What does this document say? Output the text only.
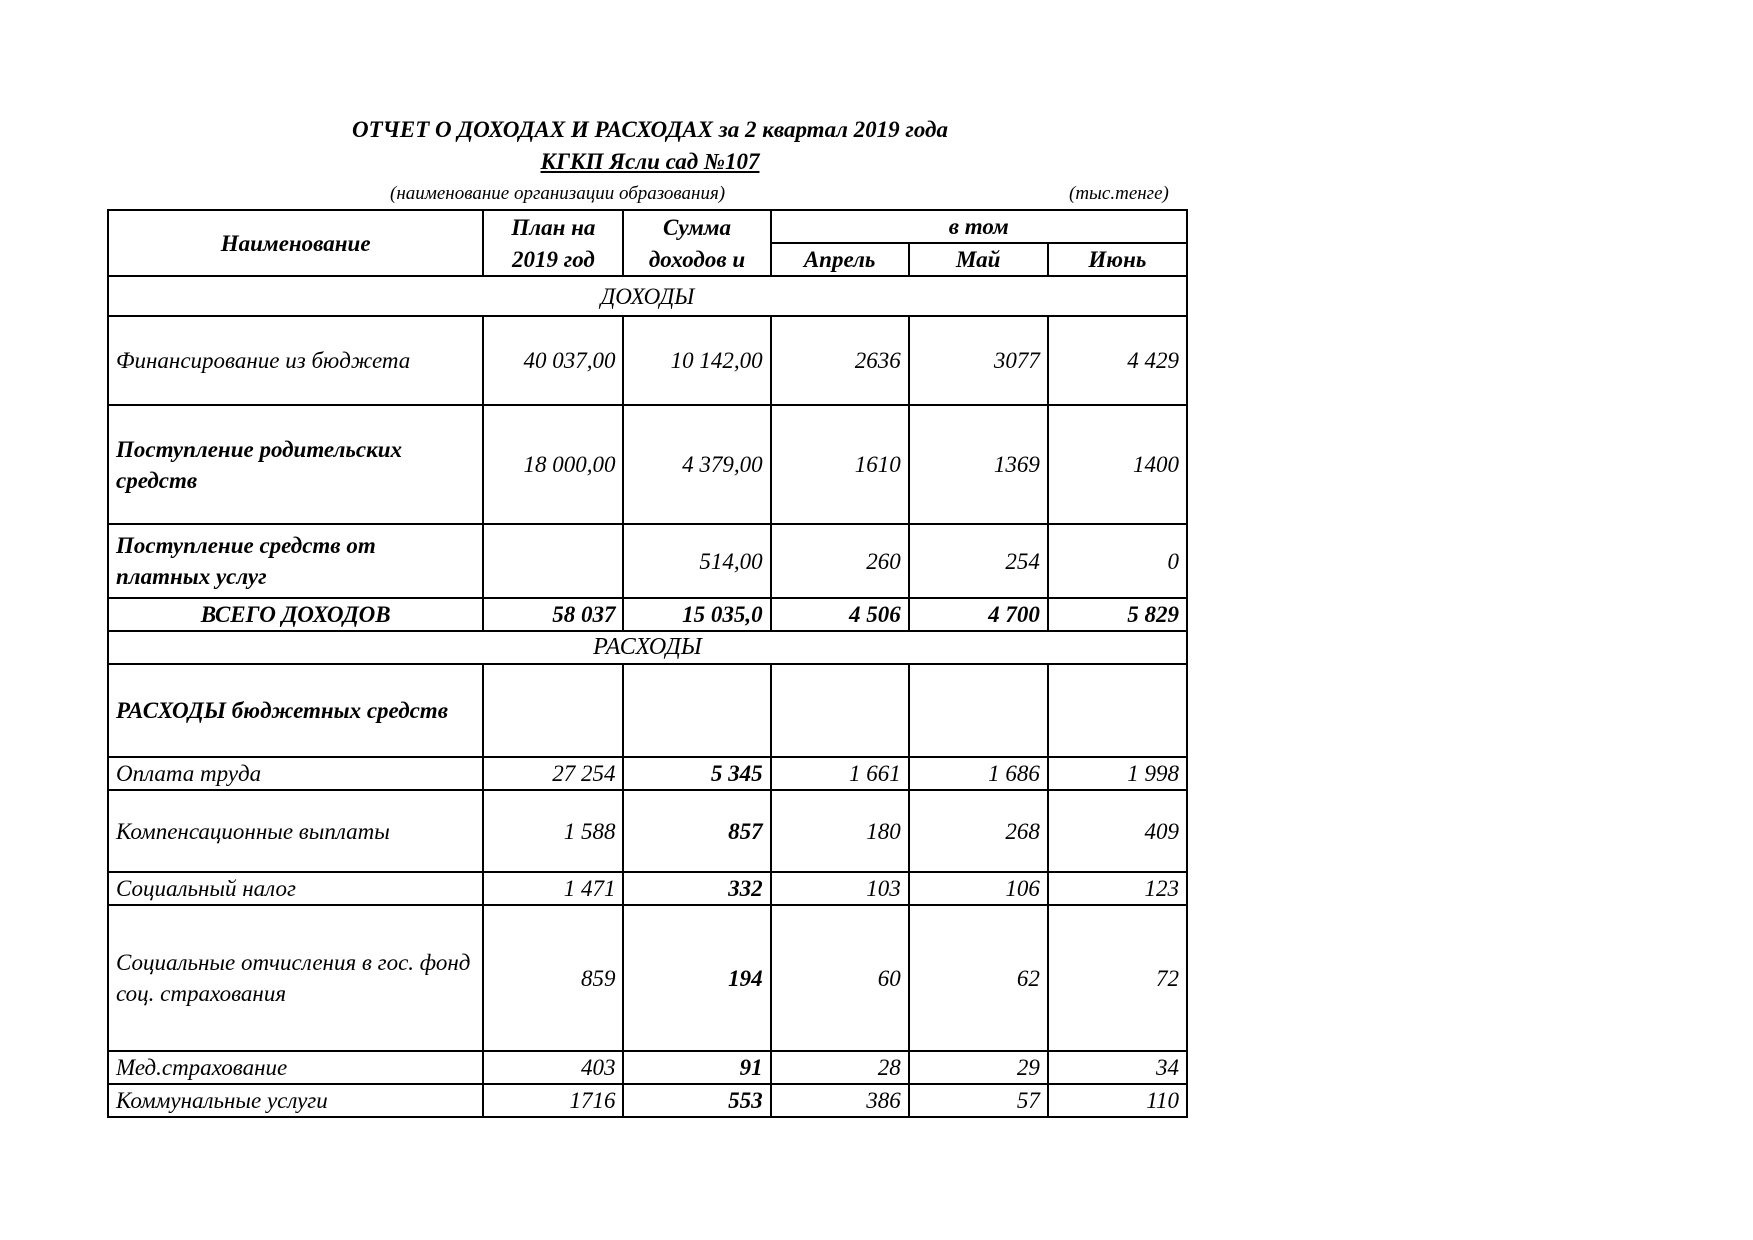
ОТЧЕТ О ДОХОДАХ И РАСХОДАХ за 2 квартал 2019 года
КГКП Ясли сад №107
(наименование организации образования)	(тыс.тенге)
Наименование	План на	Сумма	в том		
	2019 год	доходов и	Апрель	Май	Июнь
ДОХОДЫ					
Финансирование из бюджета	40 037,00	10 142,00	2636	3077	4 429
Поступление родительских средств	18 000,00	4 379,00	1610	1369	1400
Поступление средств от платных услуг		514,00	260	254	0
ВСЕГО ДОХОДОВ	58 037	15 035,0	4 506	4 700	5 829
РАСХОДЫ					
РАСХОДЫ бюджетных средств					
Оплата труда	27 254	5 345	1 661	1 686	1 998
Компенсационные выплаты	1 588	857	180	268	409
Социальный налог	1 471	332	103	106	123
Социальные отчисления в гос. фонд соц. страхования	859	194	60	62	72
Мед.страхование	403	91	28	29	34
Коммунальные услуги	1716	553	386	57	110
